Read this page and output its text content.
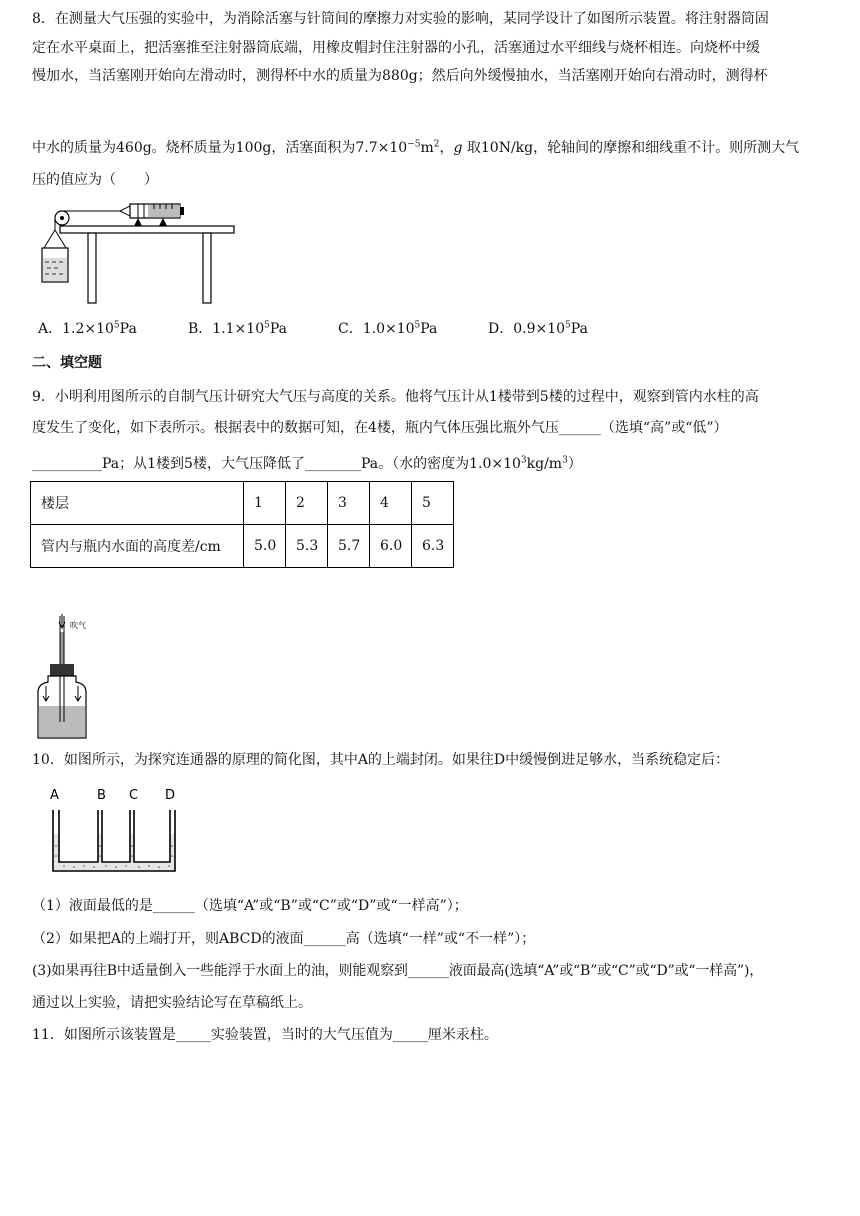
8．在测量大气压强的实验中，为消除活塞与针筒间的摩擦力对实验的影响，某同学设计了如图所示装置。将注射器筒固
定在水平桌面上，把活塞推至注射器筒底端，用橡皮帽封住注射器的小孔，活塞通过水平细线与烧杯相连。向烧杯中缓
慢加水，当活塞刚开始向左滑动时，测得杯中水的质量为880g；然后向外缓慢抽水，当活塞刚开始向右滑动时，测得杯
中水的质量为460g。烧杯质量为100g，活塞面积为$7.7\times 10^{-5}m^2$，g 取10N/kg，轮轴间的摩擦和细线重不计。则所测大气
压的值应为（　　）
A．$1.2\times 10^5Pa$	B．$1.1\times 10^5Pa$	C．$1.0\times 10^5Pa$	D．$0.9\times 10^5Pa$
二、填空题
9．小明利用图所示的自制气压计研究大气压与高度的关系。他将气压计从1楼带到5楼的过程中，观察到管内水柱的高
度发生了变化，如下表所示。根据表中的数据可知，在4楼，瓶内气体压强比瓶外气压______（选填“高”或“低”）
__________Pa；从1楼到5楼，大气压降低了________Pa。（水的密度为$1.0\times 10^3kg/m^3$）
楼层	1	2	3	4	5
管内与瓶内水面的高度差/cm	5.0	5.3	5.7	6.0	6.3
吹气
10．如图所示，为探究连通器的原理的简化图，其中A的上端封闭。如果往D中缓慢倒进足够水，当系统稳定后：
A	B C D
（1）液面最低的是______（选填“A”或“B”或“C”或“D”或“一样高”）；
（2）如果把A的上端打开，则ABCD的液面______高（选填“一样”或“不一样”）；
(3)如果再往B中适量倒入一些能浮于水面上的油，则能观察到______液面最高(选填“A”或“B”或“C”或“D”或“一样高”)，
通过以上实验，请把实验结论写在草稿纸上。
11．如图所示该装置是_____实验装置，当时的大气压值为_____厘米汞柱。
